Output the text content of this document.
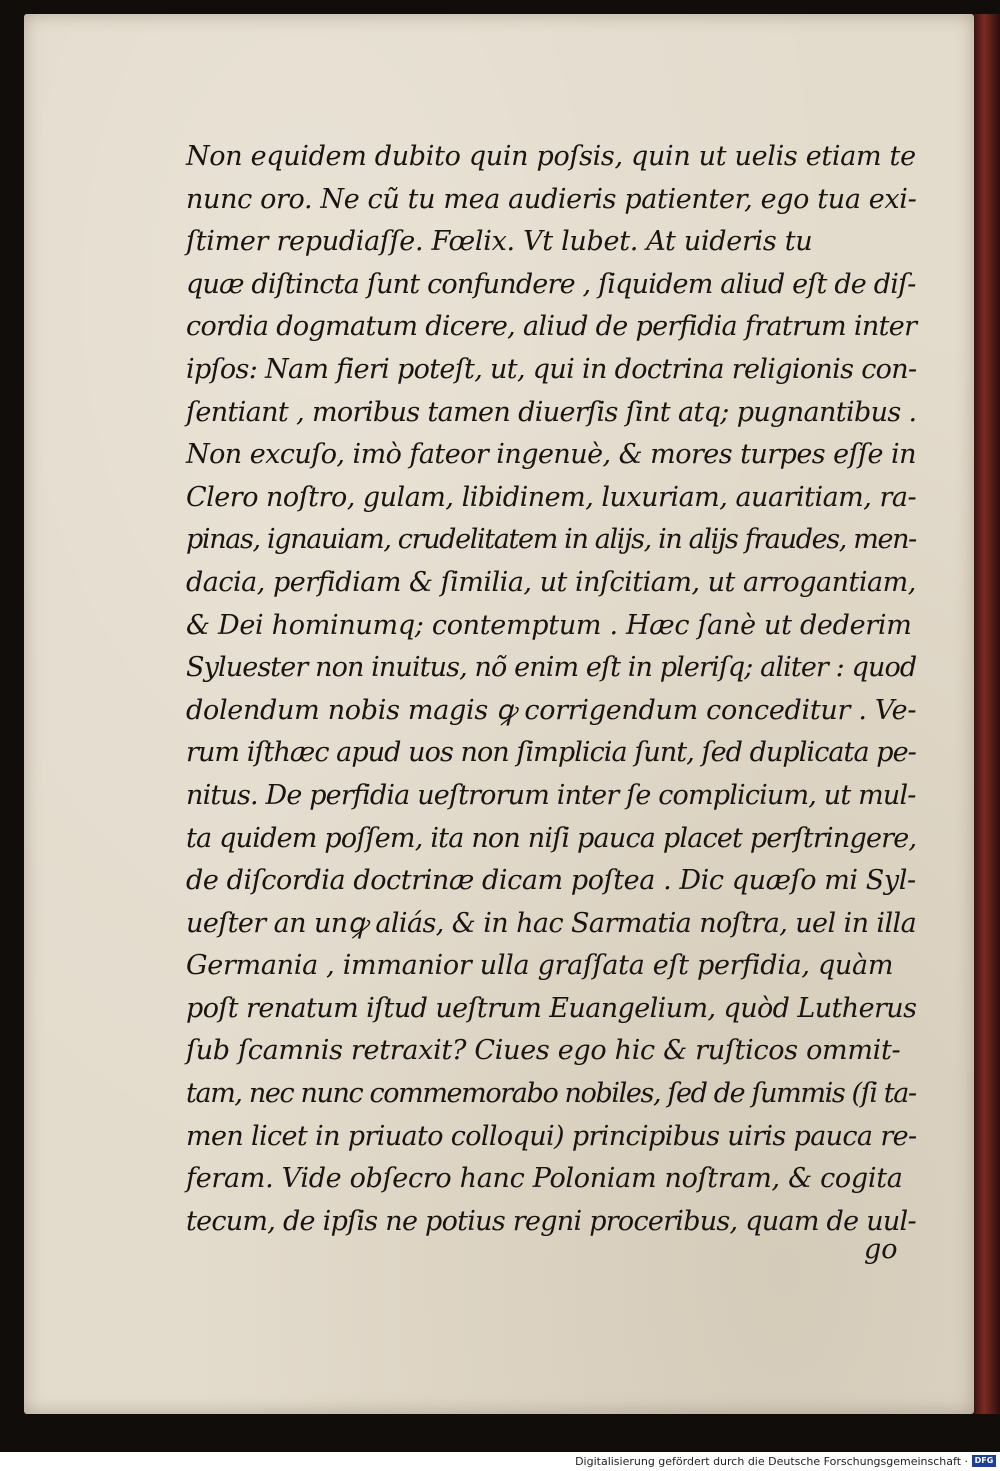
Non equidem dubito quin poſsis, quin ut uelis etiam te
nunc oro. Ne cũ tu mea audieris patienter, ego tua exi-
ſtimer repudiaſſe. Fœlix. Vt lubet. At uideris tu
quæ diſtincta ſunt confundere , ſiquidem aliud eſt de diſ-
cordia dogmatum dicere, aliud de perfidia fratrum inter
ipſos: Nam fieri poteſt, ut, qui in doctrina religionis con-
ſentiant , moribus tamen diuerſis ſint atq; pugnantibus .
Non excuſo, imò fateor ingenuè, & mores turpes eſſe in
Clero noſtro, gulam, libidinem, luxuriam, auaritiam, ra-
pinas, ignauiam, crudelitatem in alijs, in alijs fraudes, men-
dacia, perfidiam & ſimilia, ut inſcitiam, ut arrogantiam,
& Dei hominumq; contemptum . Hæc ſanè ut dederim
Syluester non inuitus, nõ enim eſt in pleriſq; aliter : quod
dolendum nobis magis ꝙ corrigendum conceditur . Ve-
rum iſthæc apud uos non ſimplicia ſunt, ſed duplicata pe-
nitus. De perfidia ueſtrorum inter ſe complicium, ut mul-
ta quidem poſſem, ita non niſi pauca placet perſtringere,
de diſcordia doctrinæ dicam poſtea . Dic quæſo mi Syl-
ueſter an unꝙ aliás, & in hac Sarmatia noſtra, uel in illa
Germania , immanior ulla graſſata eſt perfidia, quàm
poſt renatum iſtud ueſtrum Euangelium, quòd Lutherus
ſub ſcamnis retraxit? Ciues ego hic & ruſticos ommit-
tam, nec nunc commemorabo nobiles, ſed de ſummis (ſi ta-
men licet in priuato colloqui) principibus uiris pauca re-
feram. Vide obſecro hanc Poloniam noſtram, & cogita
tecum, de ipſis ne potius regni proceribus, quam de uul-
go
Digitalisierung gefördert durch die Deutsche Forschungsgemeinschaft · DFG
